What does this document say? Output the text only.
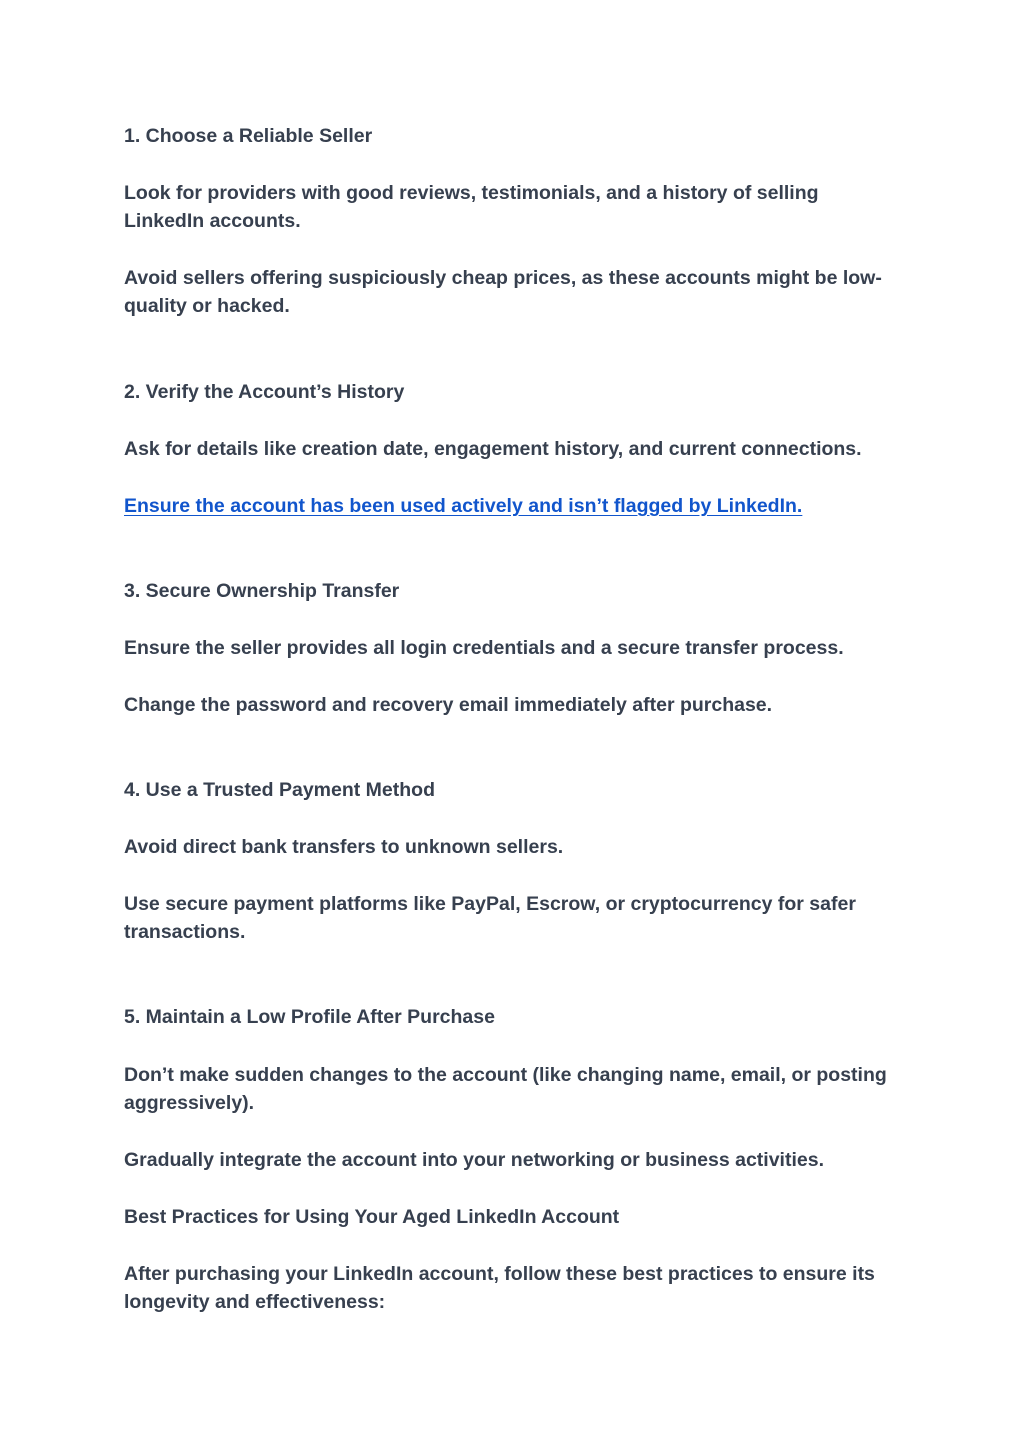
1. Choose a Reliable Seller

Look for providers with good reviews, testimonials, and a history of selling LinkedIn accounts.

Avoid sellers offering suspiciously cheap prices, as these accounts might be low-quality or hacked.

2. Verify the Account’s History

Ask for details like creation date, engagement history, and current connections.

Ensure the account has been used actively and isn’t flagged by LinkedIn.

3. Secure Ownership Transfer

Ensure the seller provides all login credentials and a secure transfer process.

Change the password and recovery email immediately after purchase.

4. Use a Trusted Payment Method

Avoid direct bank transfers to unknown sellers.

Use secure payment platforms like PayPal, Escrow, or cryptocurrency for safer transactions.

5. Maintain a Low Profile After Purchase

Don’t make sudden changes to the account (like changing name, email, or posting aggressively).

Gradually integrate the account into your networking or business activities.

Best Practices for Using Your Aged LinkedIn Account

After purchasing your LinkedIn account, follow these best practices to ensure its longevity and effectiveness:
